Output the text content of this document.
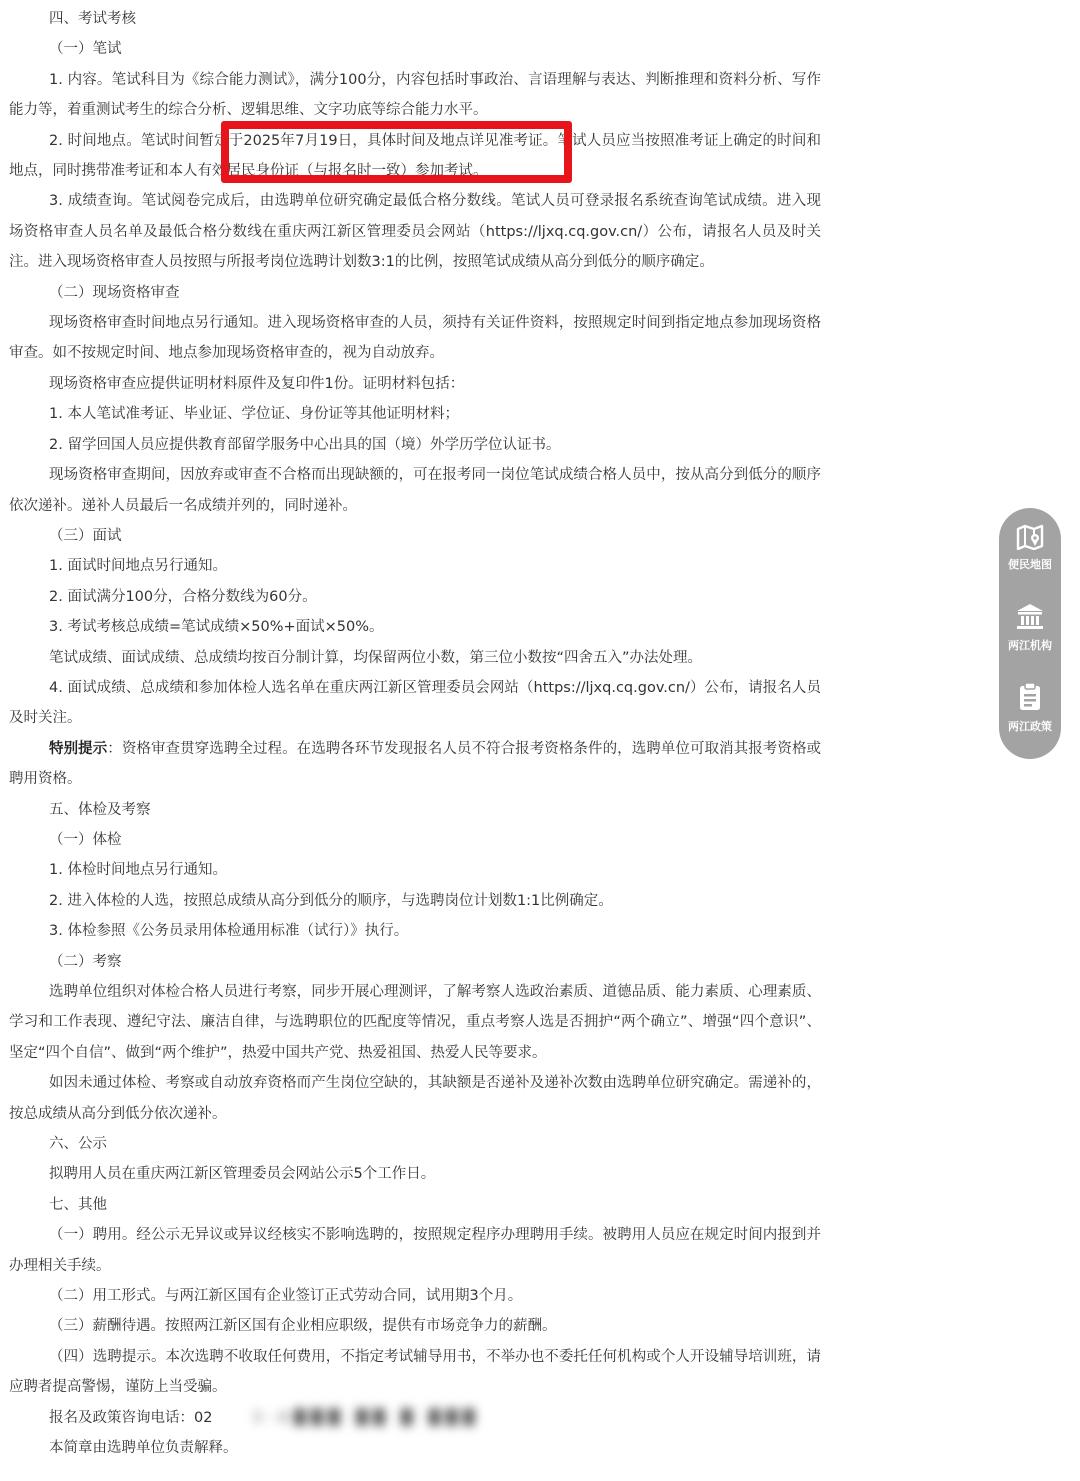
四、考试考核

（一）笔试

1. 内容。笔试科目为《综合能力测试》，满分100分，内容包括时事政治、言语理解与表达、判断推理和资料分析、写作能力等，着重测试考生的综合分析、逻辑思维、文字功底等综合能力水平。

2. 时间地点。笔试时间暂定于2025年7月19日，具体时间及地点详见准考证。笔试人员应当按照准考证上确定的时间和地点，同时携带准考证和本人有效居民身份证（与报名时一致）参加考试。

3. 成绩查询。笔试阅卷完成后，由选聘单位研究确定最低合格分数线。笔试人员可登录报名系统查询笔试成绩。进入现场资格审查人员名单及最低合格分数线在重庆两江新区管理委员会网站（https://ljxq.cq.gov.cn/）公布，请报名人员及时关注。进入现场资格审查人员按照与所报考岗位选聘计划数3:1的比例，按照笔试成绩从高分到低分的顺序确定。

（二）现场资格审查

现场资格审查时间地点另行通知。进入现场资格审查的人员，须持有关证件资料，按照规定时间到指定地点参加现场资格审查。如不按规定时间、地点参加现场资格审查的，视为自动放弃。

现场资格审查应提供证明材料原件及复印件1份。证明材料包括：

1. 本人笔试准考证、毕业证、学位证、身份证等其他证明材料；

2. 留学回国人员应提供教育部留学服务中心出具的国（境）外学历学位认证书。

现场资格审查期间，因放弃或审查不合格而出现缺额的，可在报考同一岗位笔试成绩合格人员中，按从高分到低分的顺序依次递补。递补人员最后一名成绩并列的，同时递补。

（三）面试

1. 面试时间地点另行通知。

2. 面试满分100分，合格分数线为60分。

3. 考试考核总成绩=笔试成绩×50%+面试×50%。

笔试成绩、面试成绩、总成绩均按百分制计算，均保留两位小数，第三位小数按“四舍五入”办法处理。

4. 面试成绩、总成绩和参加体检人选名单在重庆两江新区管理委员会网站（https://ljxq.cq.gov.cn/）公布，请报名人员及时关注。

特别提示：资格审查贯穿选聘全过程。在选聘各环节发现报名人员不符合报考资格条件的，选聘单位可取消其报考资格或聘用资格。

五、体检及考察

（一）体检

1. 体检时间地点另行通知。

2. 进入体检的人选，按照总成绩从高分到低分的顺序，与选聘岗位计划数1:1比例确定。

3. 体检参照《公务员录用体检通用标准（试行）》执行。

（二）考察

选聘单位组织对体检合格人员进行考察，同步开展心理测评，了解考察人选政治素质、道德品质、能力素质、心理素质、学习和工作表现、遵纪守法、廉洁自律，与选聘职位的匹配度等情况，重点考察人选是否拥护“两个确立”、增强“四个意识”、坚定“四个自信”、做到“两个维护”，热爱中国共产党、热爱祖国、热爱人民等要求。

如因未通过体检、考察或自动放弃资格而产生岗位空缺的，其缺额是否递补及递补次数由选聘单位研究确定。需递补的，按总成绩从高分到低分依次递补。

六、公示

拟聘用人员在重庆两江新区管理委员会网站公示5个工作日。

七、其他

（一）聘用。经公示无异议或异议经核实不影响选聘的，按照规定程序办理聘用手续。被聘用人员应在规定时间内报到并办理相关手续。

（二）用工形式。与两江新区国有企业签订正式劳动合同，试用期3个月。

（三）薪酬待遇。按照两江新区国有企业相应职级，提供有市场竞争力的薪酬。

（四）选聘提示。本次选聘不收取任何费用，不指定考试辅导用书，不举办也不委托任何机构或个人开设辅导培训班，请应聘者提高警惕，谨防上当受骗。

报名及政策咨询电话：02	3-6███ ██ █ ███

本简章由选聘单位负责解释。

便民地图
两江机构
两江政策
